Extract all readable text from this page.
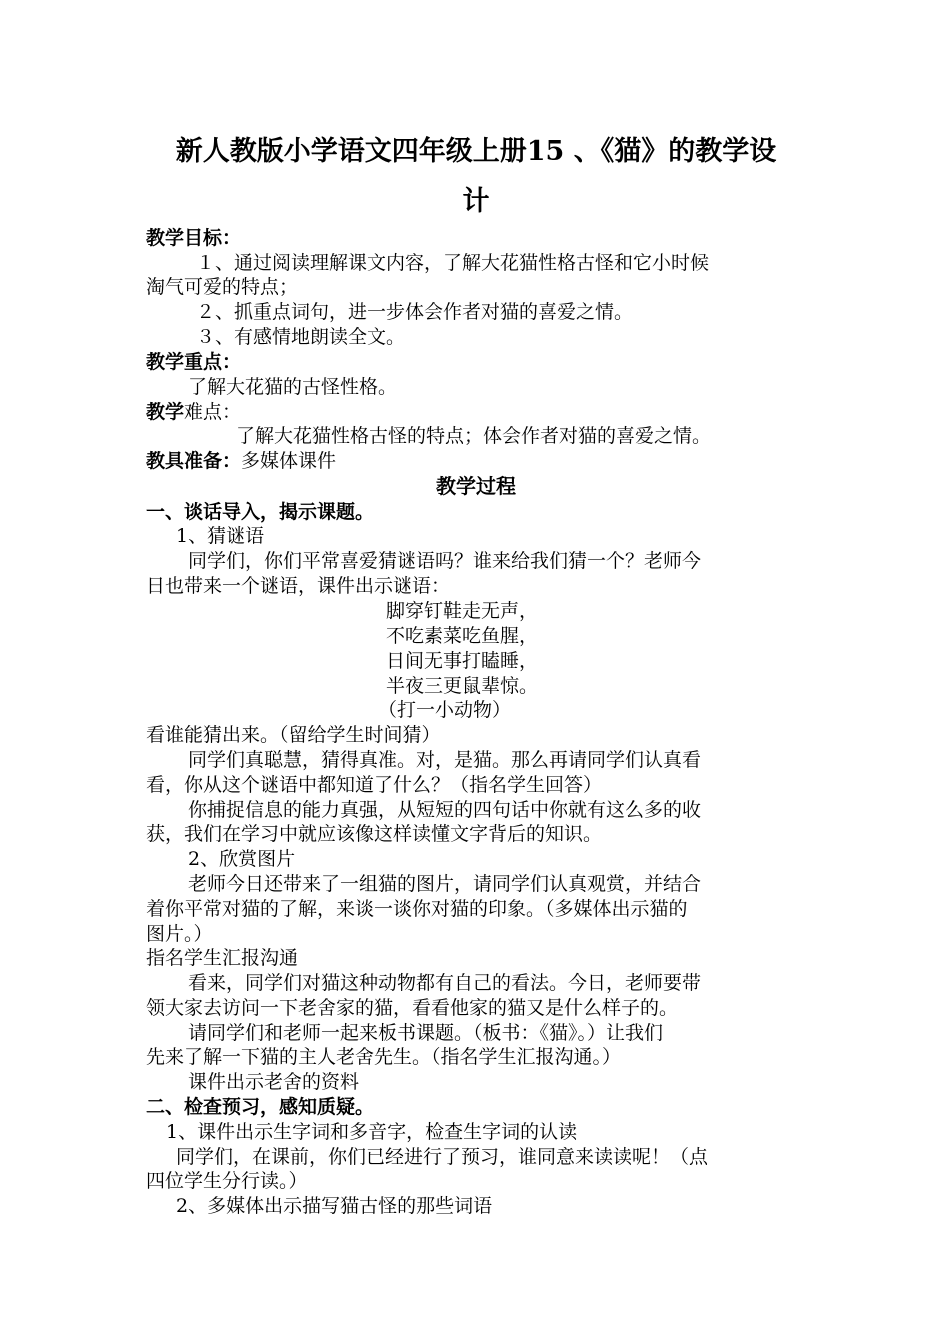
新人教版小学语文四年级上册15 、《猫》的教学设
计
教学目标：
１、通过阅读理解课文内容，了解大花猫性格古怪和它小时候
淘气可爱的特点；
２、抓重点词句，进一步体会作者对猫的喜爱之情。
３、有感情地朗读全文。
教学重点：
了解大花猫的古怪性格。
教学难点：
了解大花猫性格古怪的特点；体会作者对猫的喜爱之情。
教具准备：多媒体课件
教学过程
一、谈话导入，揭示课题。
1、猜谜语
同学们，你们平常喜爱猜谜语吗？谁来给我们猜一个？老师今
日也带来一个谜语，课件出示谜语：
脚穿钉鞋走无声，
不吃素菜吃鱼腥，
日间无事打瞌睡，
半夜三更鼠辈惊。
（打一小动物）
看谁能猜出来。（留给学生时间猜）
同学们真聪慧，猜得真准。对，是猫。那么再请同学们认真看
看，你从这个谜语中都知道了什么？（指名学生回答）
你捕捉信息的能力真强，从短短的四句话中你就有这么多的收
获，我们在学习中就应该像这样读懂文字背后的知识。
2、欣赏图片
老师今日还带来了一组猫的图片，请同学们认真观赏，并结合
着你平常对猫的了解，来谈一谈你对猫的印象。（多媒体出示猫的
图片。）
指名学生汇报沟通
看来，同学们对猫这种动物都有自己的看法。今日，老师要带
领大家去访问一下老舍家的猫，看看他家的猫又是什么样子的。
请同学们和老师一起来板书课题。（板书：《猫》。）让我们
先来了解一下猫的主人老舍先生。（指名学生汇报沟通。）
课件出示老舍的资料
二、检查预习，感知质疑。
1、课件出示生字词和多音字，检查生字词的认读
同学们，在课前，你们已经进行了预习，谁同意来读读呢！（点
四位学生分行读。）
2、多媒体出示描写猫古怪的那些词语
